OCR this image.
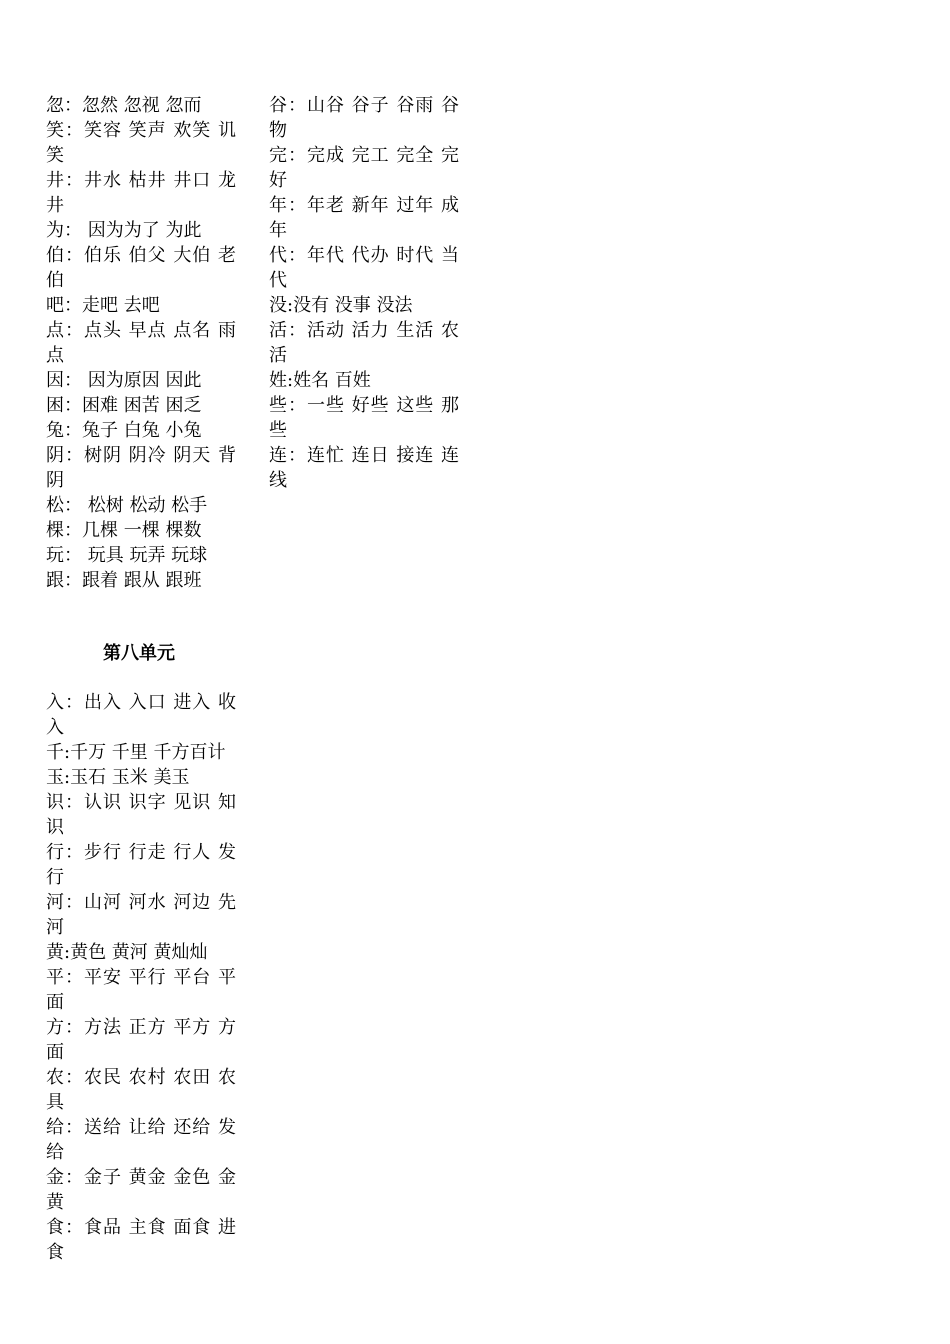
忽：忽然 忽视 忽而
笑：笑容 笑声 欢笑 讥 笑
井：井水 枯井 井口 龙井
为： 因为为了 为此
伯：伯乐 伯父 大伯 老伯
吧：走吧 去吧
点：点头 早点 点名 雨点
因： 因为原因 因此
困：困难 困苦 困乏
兔：兔子 白兔 小兔
阴：树阴 阴冷 阴天 背阴
松： 松树 松动 松手
棵：几棵 一棵 棵数
玩： 玩具 玩弄 玩球
跟：跟着 跟从 跟班
谷：山谷 谷子 谷雨 谷物
完：完成 完工 完全 完好
年：年老 新年 过年 成年
代：年代 代办 时代 当代
没:没有 没事 没法
活：活动 活力 生活 农活
姓:姓名 百姓
些：一些 好些 这些 那些
连：连忙 连日 接连 连线
第八单元
入：出入 入口 进入 收入
千:千万 千里 千方百计
玉:玉石 玉米 美玉
识：认识 识字 见识 知识
行：步行 行走 行人 发行
河：山河 河水 河边 先河
黄:黄色 黄河 黄灿灿
平：平安 平行 平台 平面
方：方法 正方 平方 方面
农：农民 农村 农田 农具
给：送给 让给 还给 发给
金：金子 黄金 金色 金黄
食：食品 主食 面食 进食
